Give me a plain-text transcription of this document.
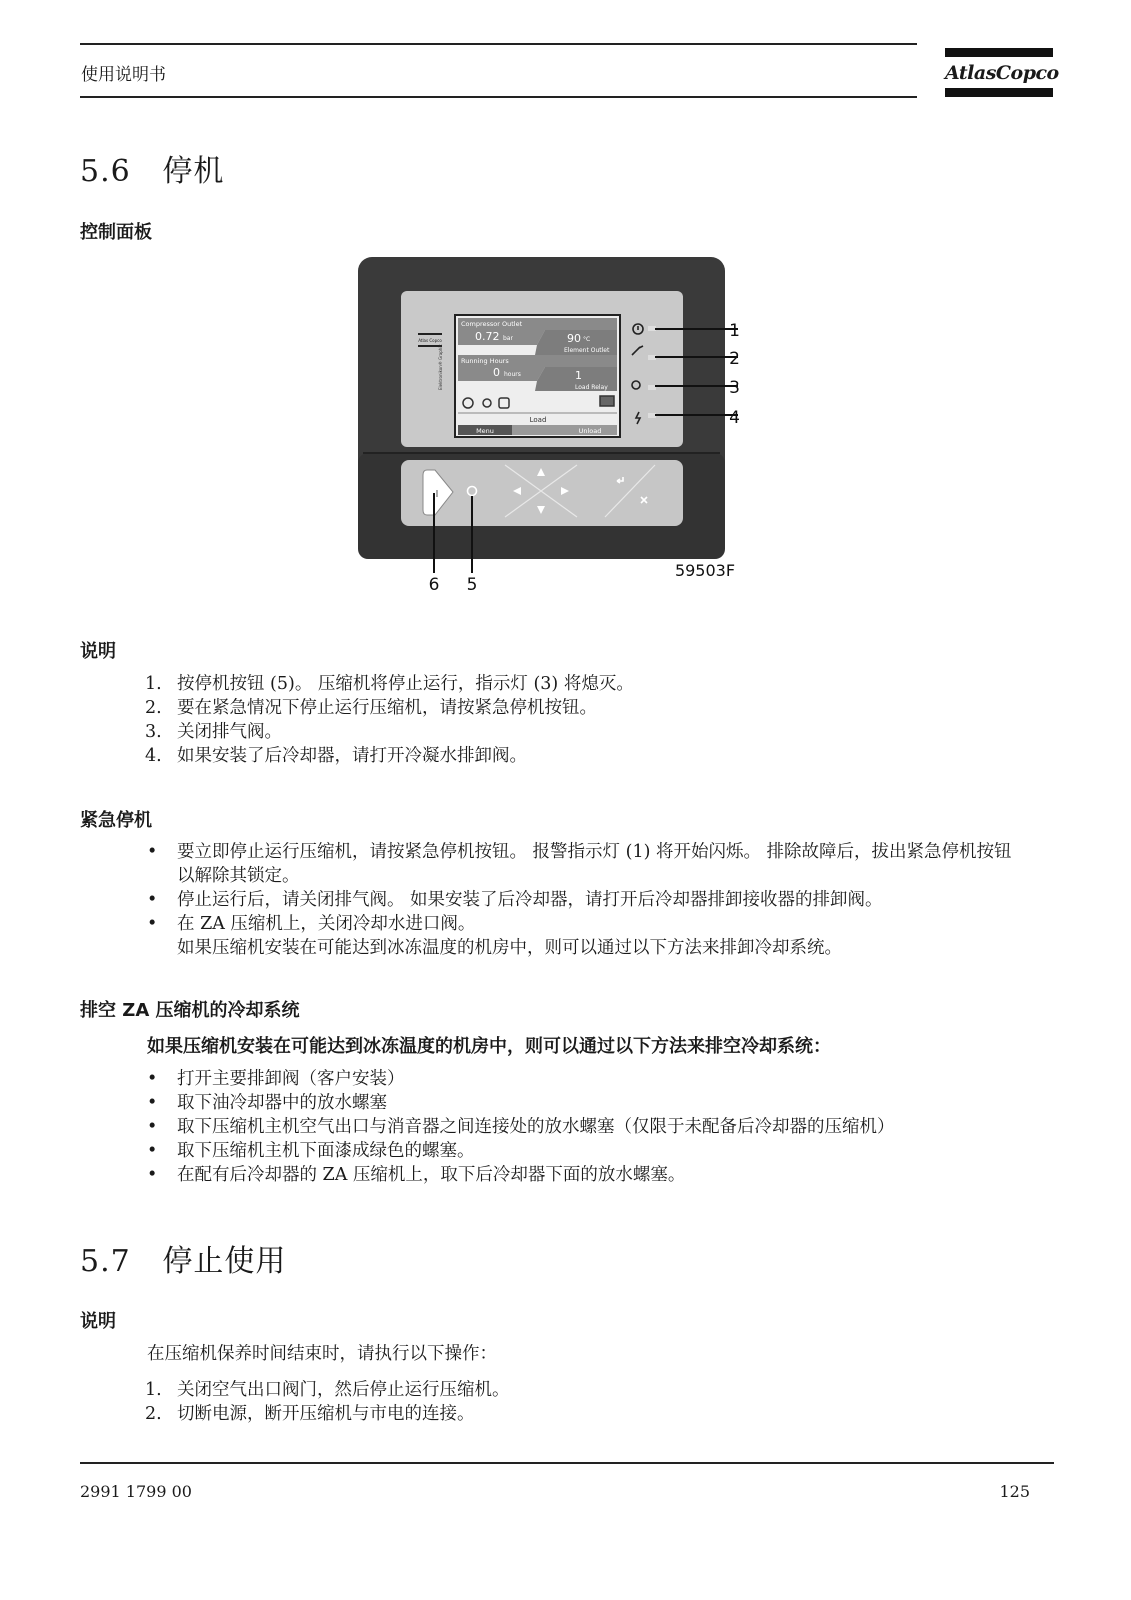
使用说明书	AtlasCopco
5.6 停机
控制面板
Atlas Copco
Elektronikon® Graphic
Compressor Outlet
0.72 bar	90 °C
Element Outlet
Running Hours
0 hours	1
Load Relay
Load
Menu	Unload
I
1
2
3
4
5
6
59503F
说明
1. 按停机按钮 (5)。 压缩机将停止运行，指示灯 (3) 将熄灭。
2. 要在紧急情况下停止运行压缩机，请按紧急停机按钮。
3. 关闭排气阀。
4. 如果安装了后冷却器，请打开冷凝水排卸阀。
紧急停机
• 要立即停止运行压缩机，请按紧急停机按钮。 报警指示灯 (1) 将开始闪烁。 排除故障后，拔出紧急停机按钮以解除其锁定。
• 停止运行后，请关闭排气阀。 如果安装了后冷却器，请打开后冷却器排卸接收器的排卸阀。
• 在 ZA 压缩机上，关闭冷却水进口阀。
如果压缩机安装在可能达到冰冻温度的机房中，则可以通过以下方法来排卸冷却系统。
排空 ZA 压缩机的冷却系统
如果压缩机安装在可能达到冰冻温度的机房中，则可以通过以下方法来排空冷却系统：
• 打开主要排卸阀（客户安装）
• 取下油冷却器中的放水螺塞
• 取下压缩机主机空气出口与消音器之间连接处的放水螺塞（仅限于未配备后冷却器的压缩机）
• 取下压缩机主机下面漆成绿色的螺塞。
• 在配有后冷却器的 ZA 压缩机上，取下后冷却器下面的放水螺塞。
5.7 停止使用
说明
在压缩机保养时间结束时，请执行以下操作：
1. 关闭空气出口阀门，然后停止运行压缩机。
2. 切断电源，断开压缩机与市电的连接。
2991 1799 00	125
